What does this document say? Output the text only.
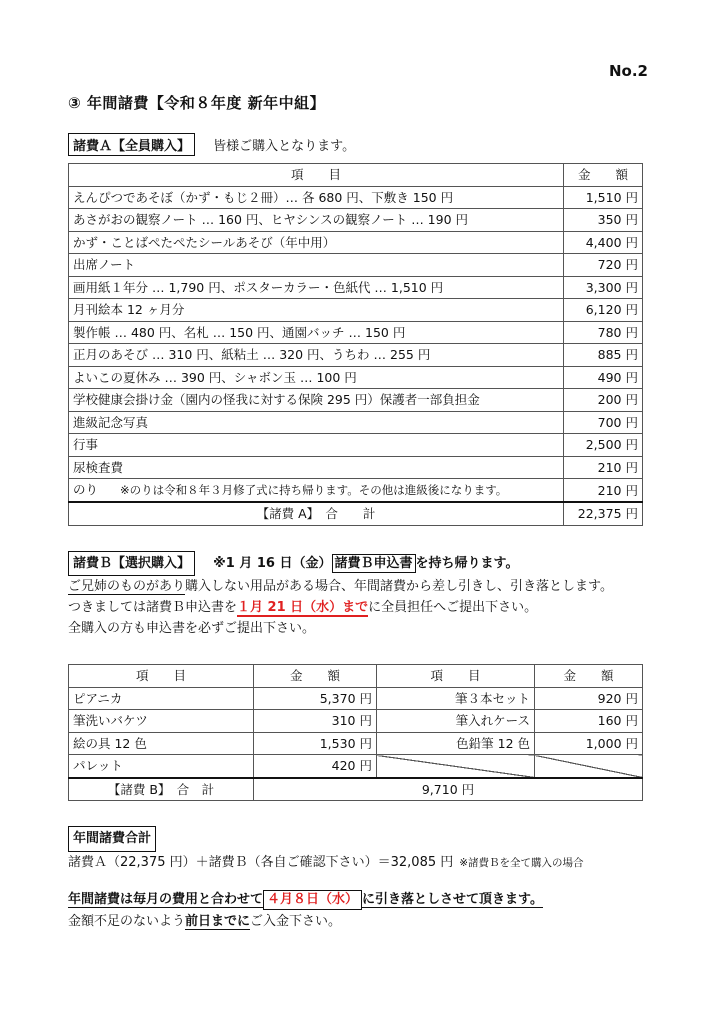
No.2
③ 年間諸費【令和８年度 新年中組】
諸費Ａ【全員購入】 皆様ご購入となります。
項　　目	金　　額
えんぴつであそぼ（かず・もじ２冊）… 各 680 円、下敷き 150 円	1,510 円
あさがおの観察ノート … 160 円、ヒヤシンスの観察ノート … 190 円	350 円
かず・ことばぺたぺたシールあそび（年中用）	4,400 円
出席ノート	720 円
画用紙１年分 … 1,790 円、ポスターカラー・色紙代 … 1,510 円	3,300 円
月刊絵本 12 ヶ月分	6,120 円
製作帳 … 480 円、名札 … 150 円、通園バッチ … 150 円	780 円
正月のあそび … 310 円、紙粘土 … 320 円、うちわ … 255 円	885 円
よいこの夏休み … 390 円、シャボン玉 … 100 円	490 円
学校健康会掛け金（園内の怪我に対する保険 295 円）保護者一部負担金	200 円
進級記念写真	700 円
行事	2,500 円
尿検査費	210 円
のり ※のりは令和８年３月修了式に持ち帰ります。その他は進級後になります。	210 円
【諸費 A】　合　　計	22,375 円
諸費Ｂ【選択購入】 ※1 月 16 日（金） 諸費Ｂ申込書 を持ち帰ります。
ご兄姉のものがあり購入しない用品がある場合、年間諸費から差し引きし、引き落とします。
つきましては諸費Ｂ申込書を１月 21 日（水）までに全員担任へご提出下さい。
全購入の方も申込書を必ずご提出下さい。
項　　目	金　　額	項　　目	金　　額
ピアニカ	5,370 円	筆３本セット	920 円
筆洗いバケツ	310 円	筆入れケース	160 円
絵の具 12 色	1,530 円	色鉛筆 12 色	1,000 円
パレット	420 円		
【諸費 B】　合　計	9,710 円		
年間諸費合計
諸費Ａ（22,375 円）＋諸費Ｂ（各自ご確認下さい）＝32,085 円 ※諸費Ｂを全て購入の場合
年間諸費は毎月の費用と合わせて ４月８日（水） に引き落としさせて頂きます。
金額不足のないよう前日までにご入金下さい。
